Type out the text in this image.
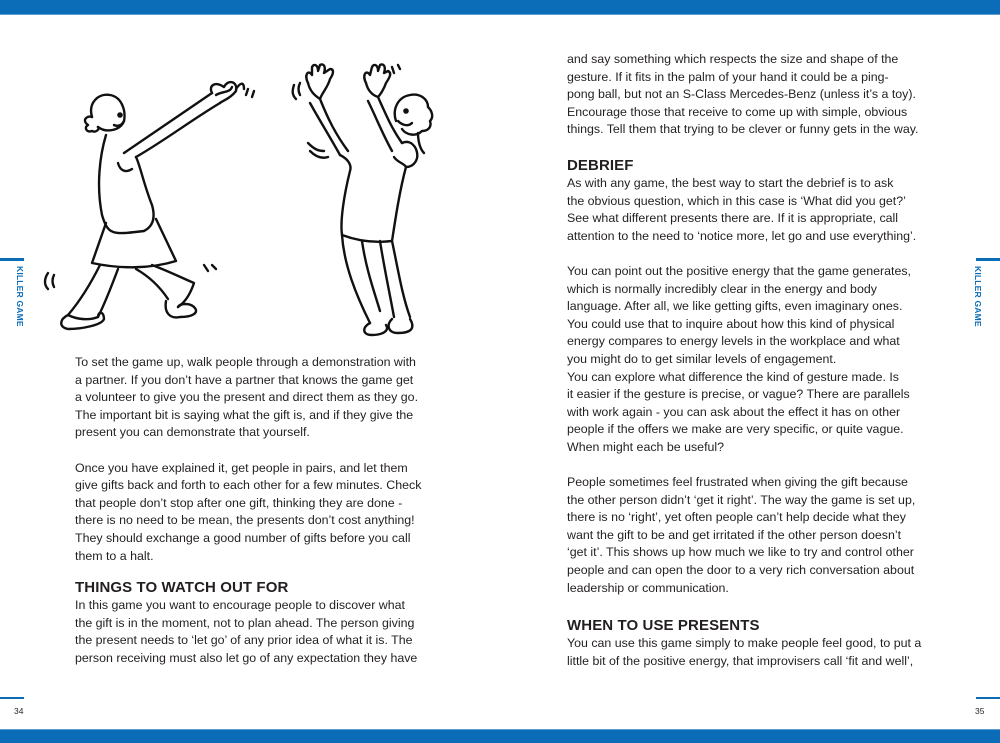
KILLER GAME	KILLER GAME

To set the game up, walk people through a demonstration with

a partner. If you don’t have a partner that knows the game get

a volunteer to give you the present and direct them as they go.

The important bit is saying what the gift is, and if they give the

present you can demonstrate that yourself.

Once you have explained it, get people in pairs, and let them

give gifts back and forth to each other for a few minutes. Check

that people don’t stop after one gift, thinking they are done -

there is no need to be mean, the presents don’t cost anything!

They should exchange a good number of gifts before you call

them to a halt.

THINGS TO WATCH OUT FOR

In this game you want to encourage people to discover what

the gift is in the moment, not to plan ahead. The person giving

the present needs to ‘let go’ of any prior idea of what it is. The

person receiving must also let go of any expectation they have

and say something which respects the size and shape of the

gesture. If it fits in the palm of your hand it could be a ping-

pong ball, but not an S-Class Mercedes-Benz (unless it’s a toy).

Encourage those that receive to come up with simple, obvious

things. Tell them that trying to be clever or funny gets in the way.

DEBRIEF

As with any game, the best way to start the debrief is to ask

the obvious question, which in this case is ‘What did you get?’

See what different presents there are. If it is appropriate, call

attention to the need to ‘notice more, let go and use everything’.

You can point out the positive energy that the game generates,

which is normally incredibly clear in the energy and body

language. After all, we like getting gifts, even imaginary ones.

You could use that to inquire about how this kind of physical

energy compares to energy levels in the workplace and what

you might do to get similar levels of engagement.

You can explore what difference the kind of gesture made. Is

it easier if the gesture is precise, or vague? There are parallels

with work again - you can ask about the effect it has on other

people if the offers we make are very specific, or quite vague.

When might each be useful?

People sometimes feel frustrated when giving the gift because

the other person didn’t ‘get it right’. The way the game is set up,

there is no ‘right’, yet often people can’t help decide what they

want the gift to be and get irritated if the other person doesn’t

‘get it’. This shows up how much we like to try and control other

people and can open the door to a very rich conversation about

leadership or communication.

WHEN TO USE PRESENTS

You can use this game simply to make people feel good, to put a

little bit of the positive energy, that improvisers call ‘fit and well’,

34	35
